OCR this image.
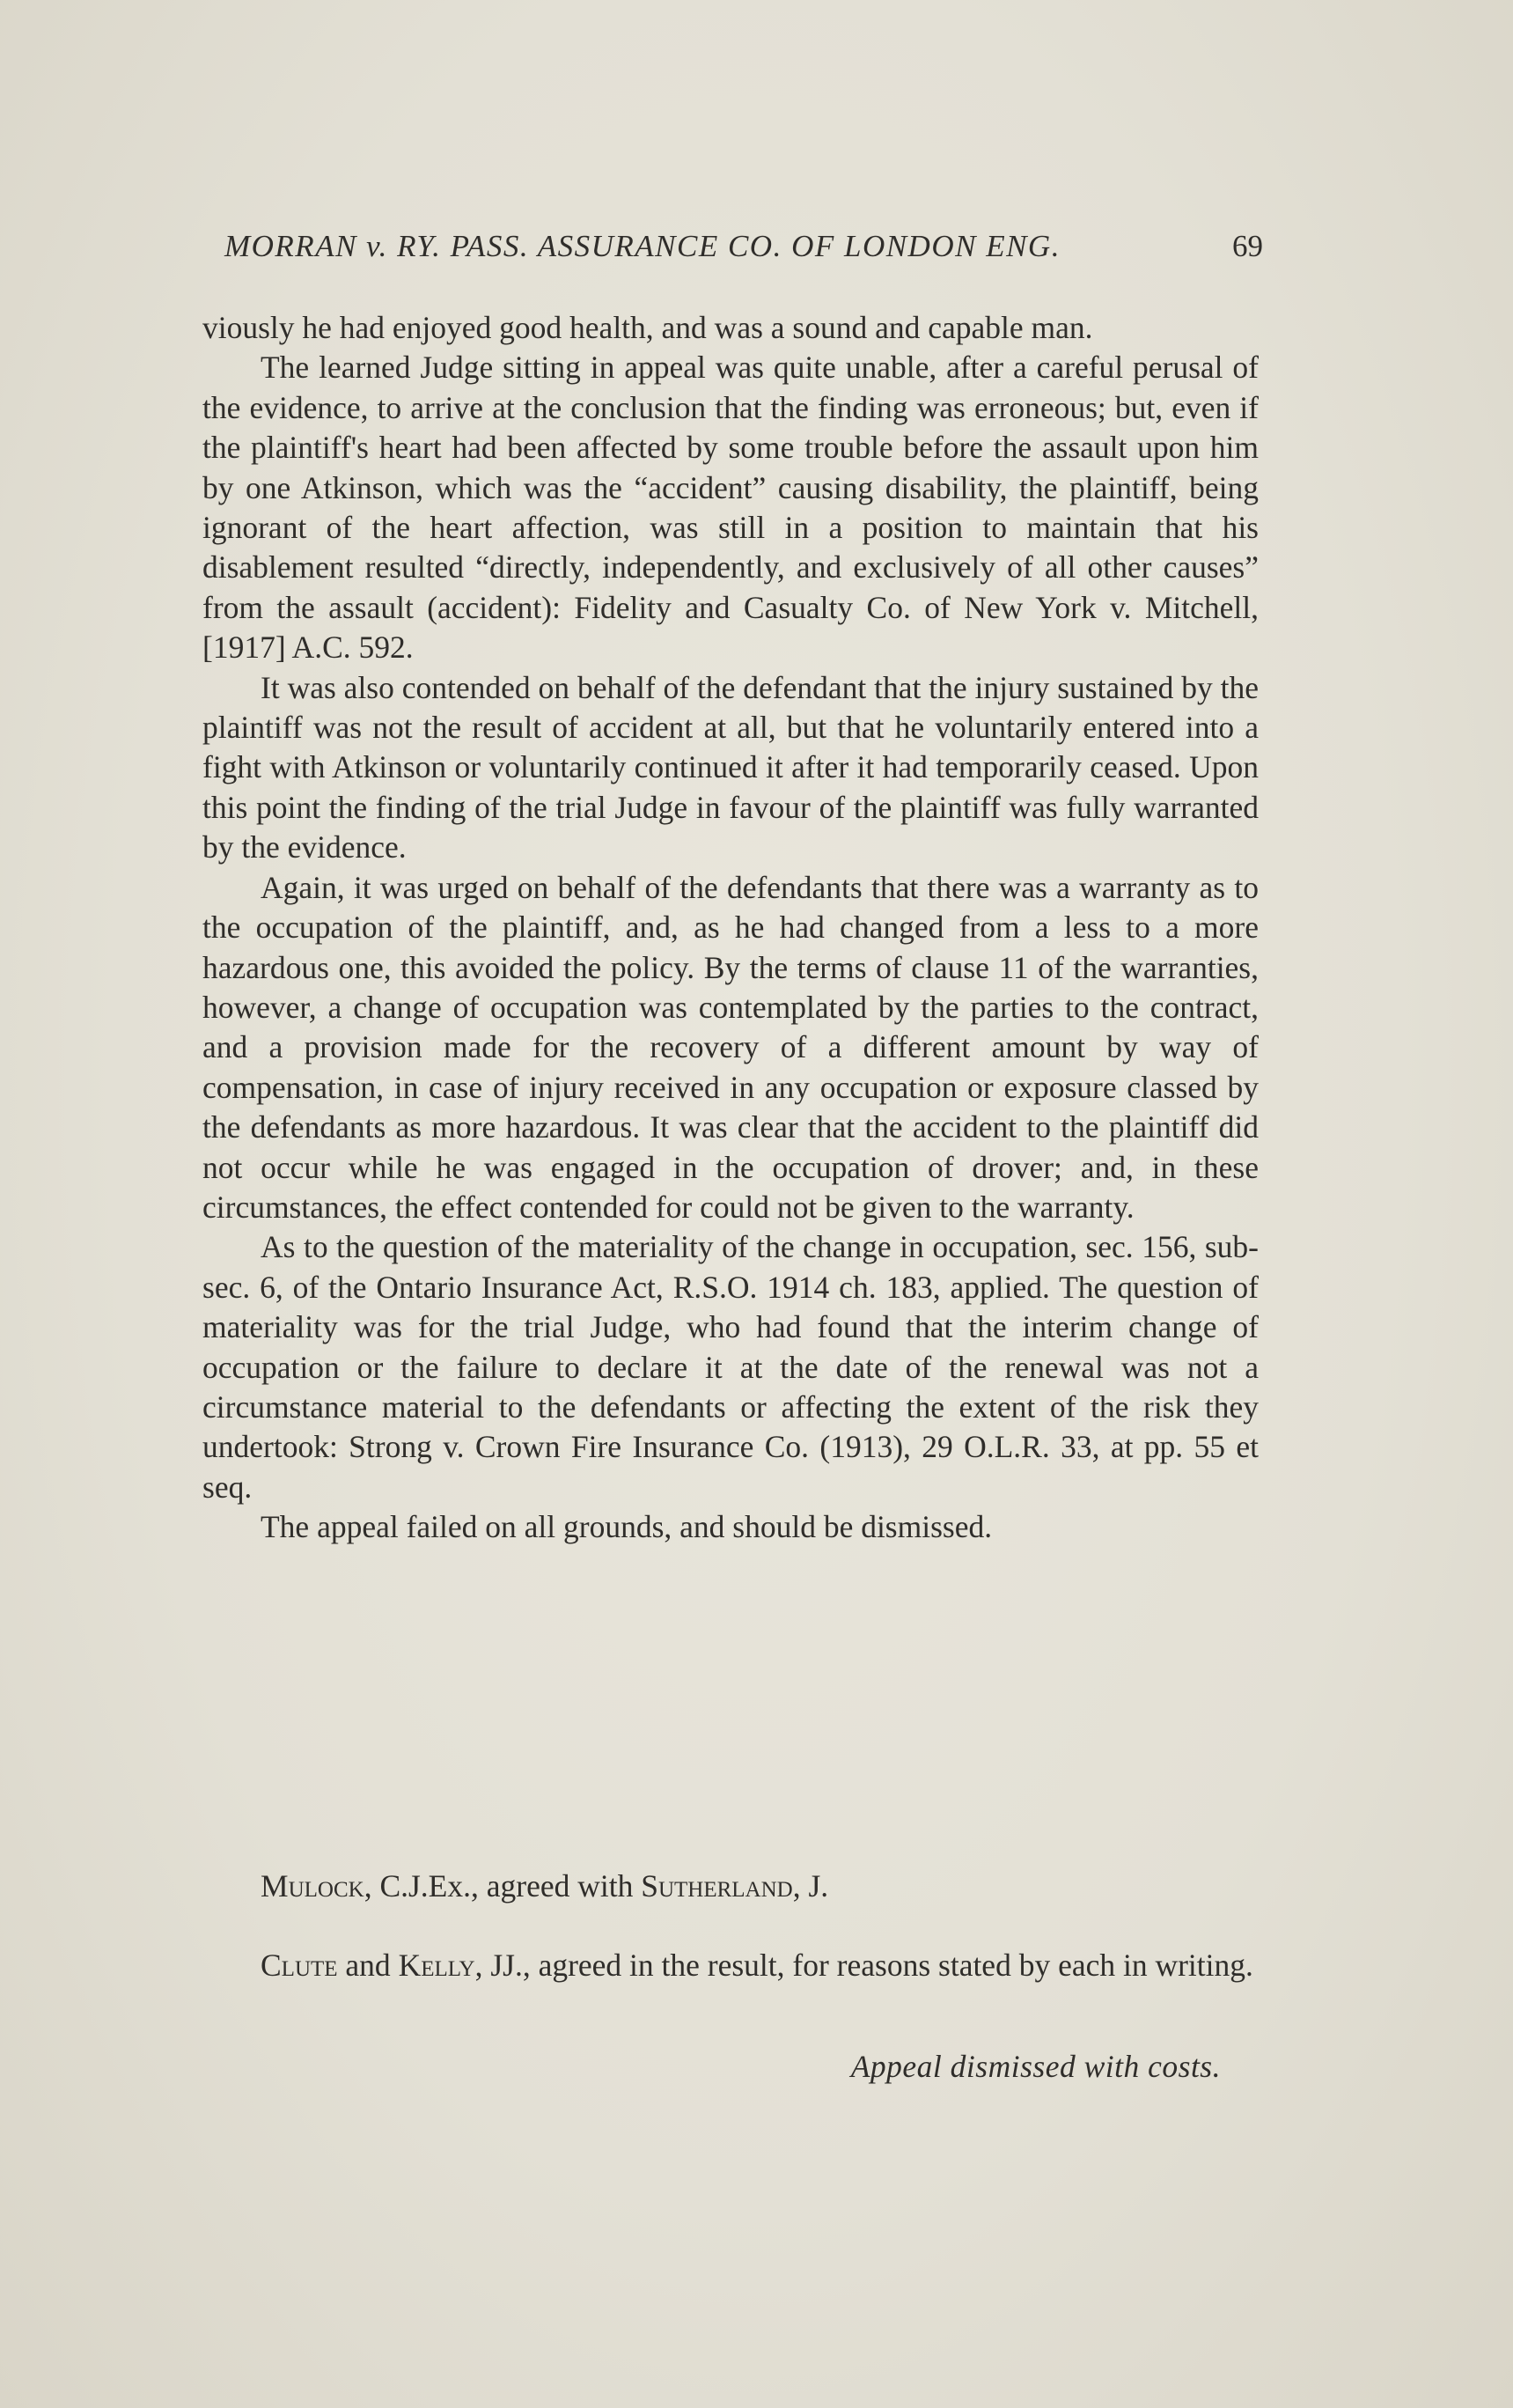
MORRAN v. RY. PASS. ASSURANCE CO. OF LONDON ENG.	69

viously he had enjoyed good health, and was a sound and capable man.

The learned Judge sitting in appeal was quite unable, after a careful perusal of the evidence, to arrive at the conclusion that the finding was erroneous; but, even if the plaintiff's heart had been affected by some trouble before the assault upon him by one Atkinson, which was the “accident” causing disability, the plaintiff, being ignorant of the heart affection, was still in a position to maintain that his disablement resulted “directly, independently, and exclusively of all other causes” from the assault (accident): Fidelity and Casualty Co. of New York v. Mitchell, [1917] A.C. 592.

It was also contended on behalf of the defendant that the injury sustained by the plaintiff was not the result of accident at all, but that he voluntarily entered into a fight with Atkinson or voluntarily continued it after it had temporarily ceased. Upon this point the finding of the trial Judge in favour of the plaintiff was fully warranted by the evidence.

Again, it was urged on behalf of the defendants that there was a warranty as to the occupation of the plaintiff, and, as he had changed from a less to a more hazardous one, this avoided the policy. By the terms of clause 11 of the warranties, however, a change of occupation was contemplated by the parties to the contract, and a provision made for the recovery of a different amount by way of compensation, in case of injury received in any occupation or exposure classed by the defendants as more hazardous. It was clear that the accident to the plaintiff did not occur while he was engaged in the occupation of drover; and, in these circumstances, the effect contended for could not be given to the warranty.

As to the question of the materiality of the change in occupation, sec. 156, sub-sec. 6, of the Ontario Insurance Act, R.S.O. 1914 ch. 183, applied. The question of materiality was for the trial Judge, who had found that the interim change of occupation or the failure to declare it at the date of the renewal was not a circumstance material to the defendants or affecting the extent of the risk they undertook: Strong v. Crown Fire Insurance Co. (1913), 29 O.L.R. 33, at pp. 55 et seq.

The appeal failed on all grounds, and should be dismissed.

Mulock, C.J.Ex., agreed with Sutherland, J.
Clute and Kelly, JJ., agreed in the result, for reasons stated by each in writing.
Appeal dismissed with costs.
